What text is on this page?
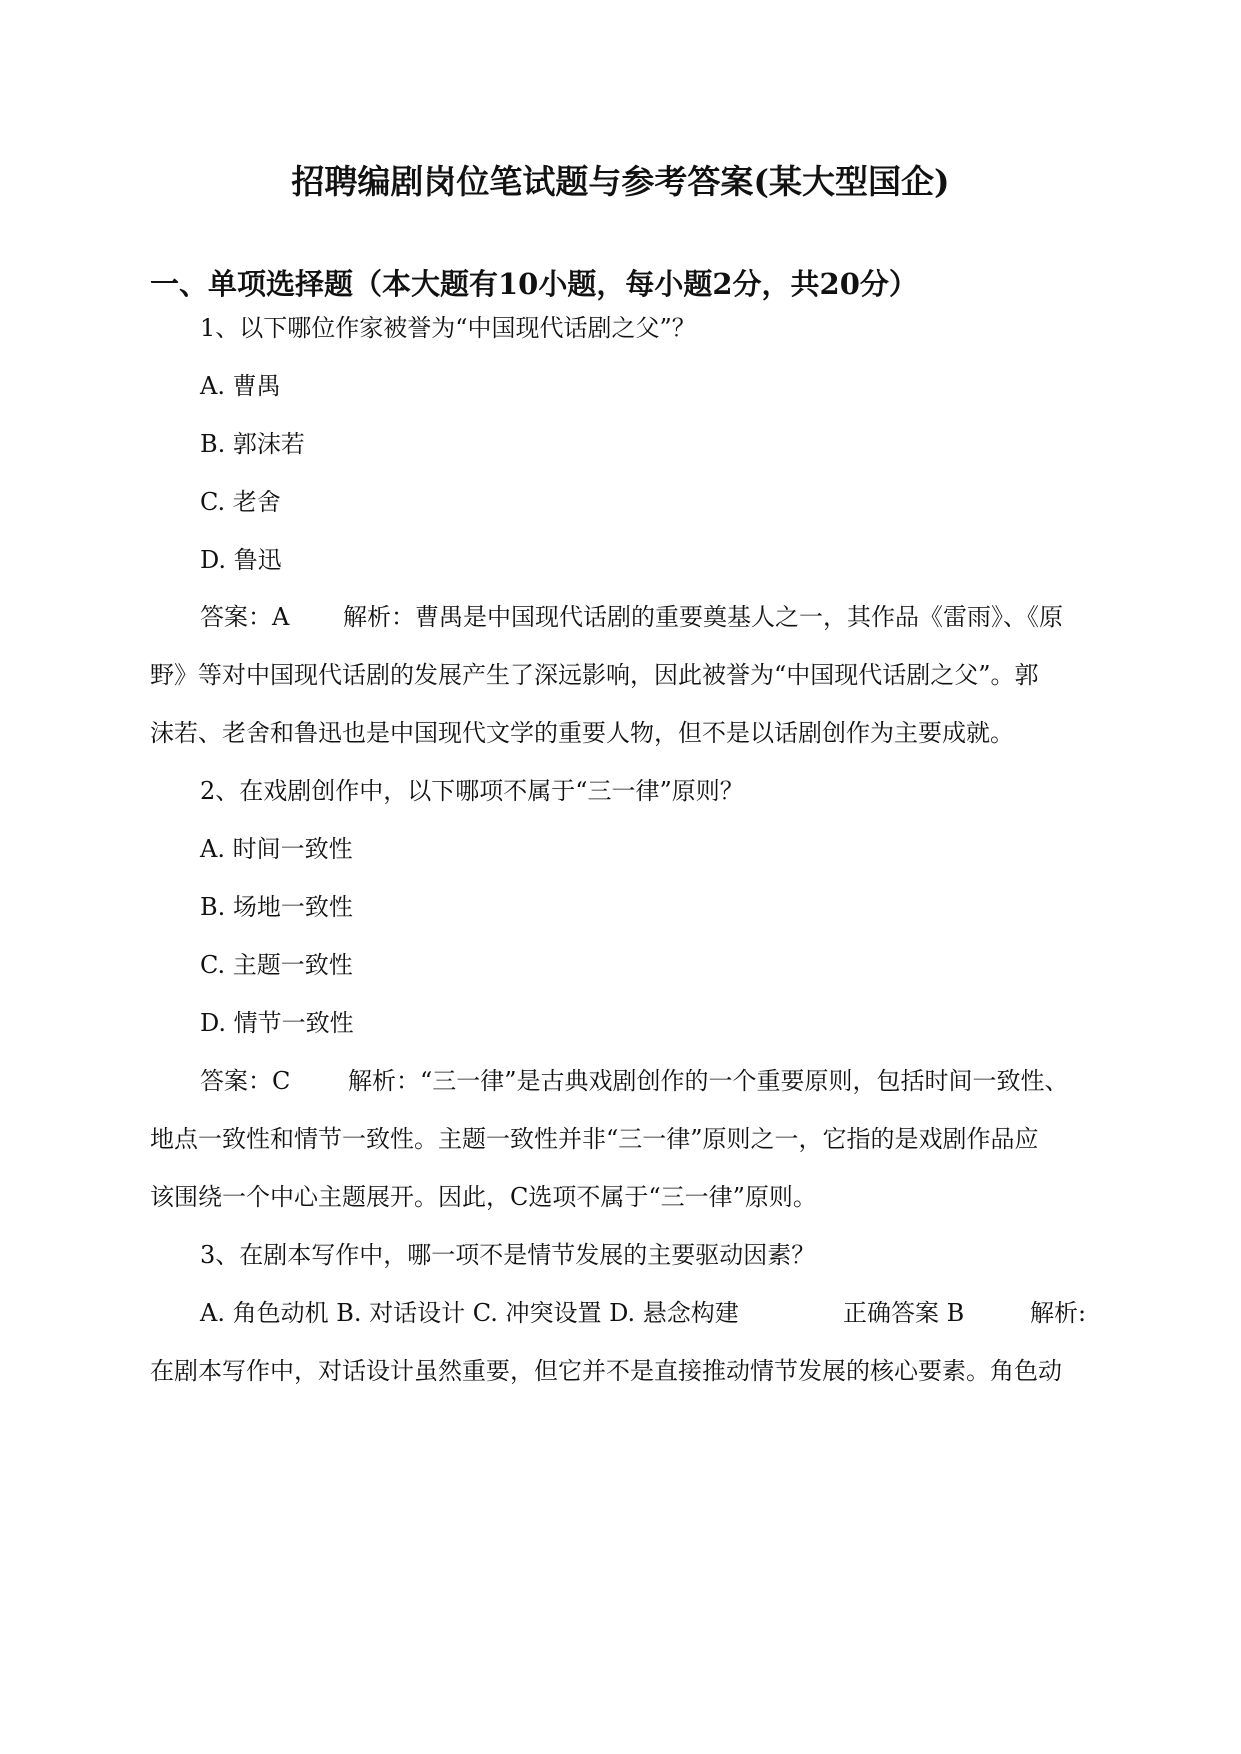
招聘编剧岗位笔试题与参考答案(某大型国企)
一、单项选择题（本大题有10小题，每小题2分，共20分）
1、以下哪位作家被誉为“中国现代话剧之父”？
A. 曹禺
B. 郭沫若
C. 老舍
D. 鲁迅
答案：A 解析：曹禺是中国现代话剧的重要奠基人之一，其作品《雷雨》、《原
野》等对中国现代话剧的发展产生了深远影响，因此被誉为“中国现代话剧之父”。郭
沫若、老舍和鲁迅也是中国现代文学的重要人物，但不是以话剧创作为主要成就。
2、在戏剧创作中，以下哪项不属于“三一律”原则？
A. 时间一致性
B. 场地一致性
C. 主题一致性
D. 情节一致性
答案：C 解析：“三一律”是古典戏剧创作的一个重要原则，包括时间一致性、
地点一致性和情节一致性。主题一致性并非“三一律”原则之一，它指的是戏剧作品应
该围绕一个中心主题展开。因此，C选项不属于“三一律”原则。
3、在剧本写作中，哪一项不是情节发展的主要驱动因素？
A. 角色动机 B. 对话设计 C. 冲突设置 D. 悬念构建	正确答案 B	解析:
在剧本写作中，对话设计虽然重要，但它并不是直接推动情节发展的核心要素。角色动
